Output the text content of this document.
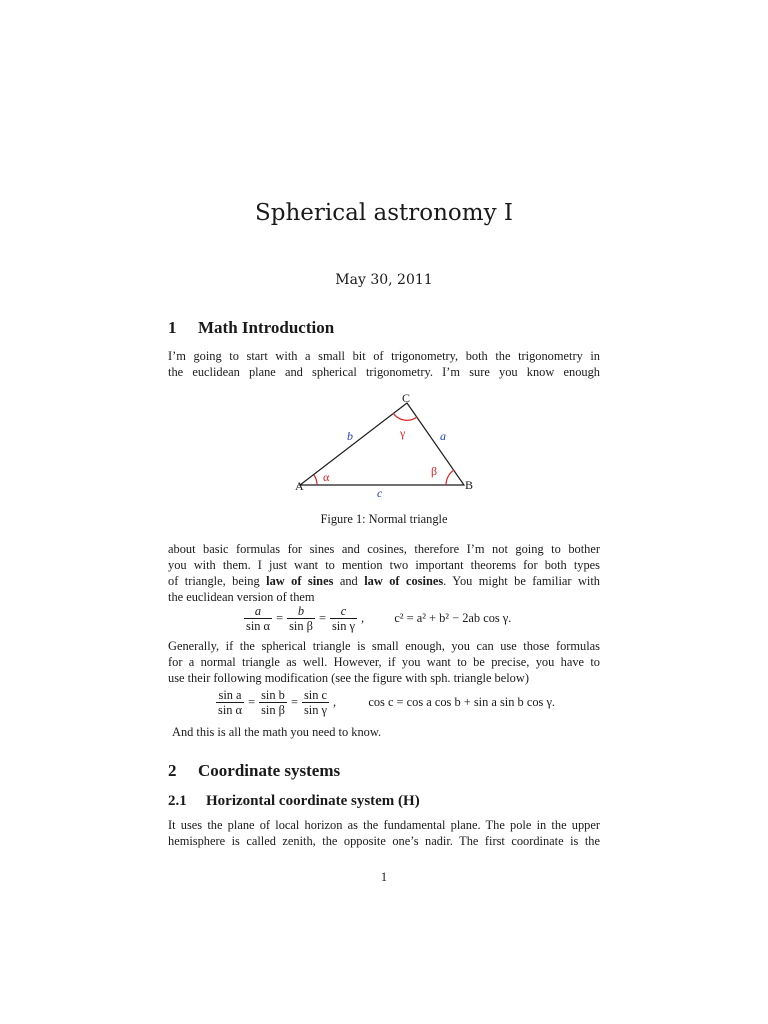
Spherical astronomy I
May 30, 2011
1 Math Introduction
I’m going to start with a small bit of trigonometry, both the trigonometry in
the euclidean plane and spherical trigonometry. I’m sure you know enough
A	B
C
b	a
c
α	β
γ
Figure 1: Normal triangle
about basic formulas for sines and cosines, therefore I’m not going to bother
you with them. I just want to mention two important theorems for both types
of triangle, being law of sines and law of cosines. You might be familiar with
the euclidean version of them
$\frac{a}{\text{sin α}} = \frac{b}{\text{sin β}} = \frac{c}{\text{sin γ}}$ , c² = a² + b² − 2ab cos γ.
Generally, if the spherical triangle is small enough, you can use those formulas
for a normal triangle as well. However, if you want to be precise, you have to
use their following modification (see the figure with sph. triangle below)
$\frac{\text{sin a}}{\text{sin α}} = \frac{\text{sin b}}{\text{sin β}} = \frac{\text{sin c}}{\text{sin γ}}$ ,	cos c = cos a cos b + sin a sin b cos γ.
And this is all the math you need to know.
2 Coordinate systems
2.1 Horizontal coordinate system (H)
It uses the plane of local horizon as the fundamental plane. The pole in the upper
hemisphere is called zenith, the opposite one’s nadir. The first coordinate is the
1
